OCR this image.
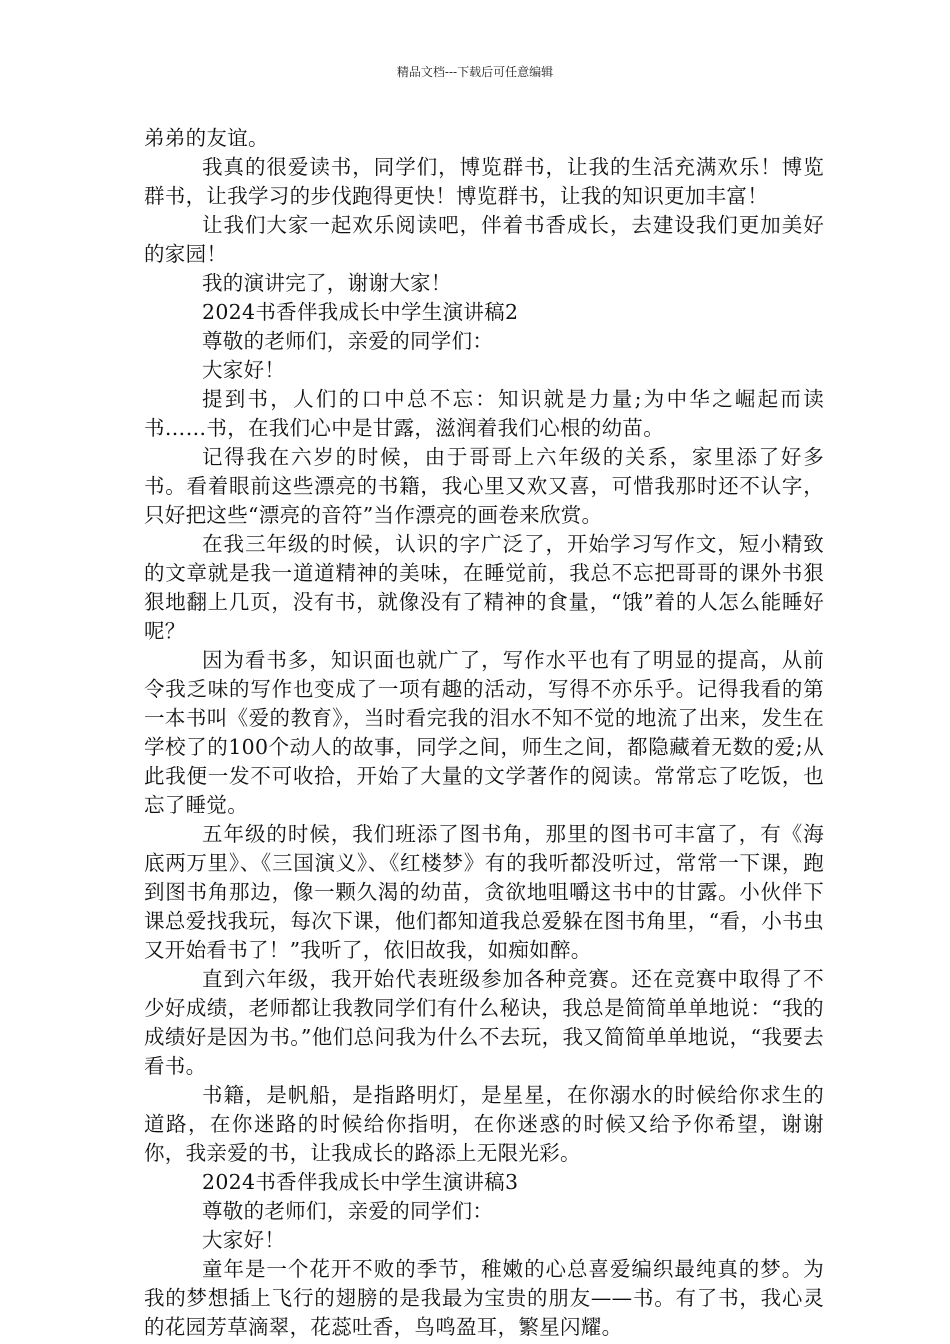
精品文档---下载后可任意编辑

弟弟的友谊。

我真的很爱读书，同学们，博览群书，让我的生活充满欢乐！博览群书，让我学习的步伐跑得更快！博览群书，让我的知识更加丰富！

让我们大家一起欢乐阅读吧，伴着书香成长，去建设我们更加美好的家园！

我的演讲完了，谢谢大家！

2024书香伴我成长中学生演讲稿2

尊敬的老师们，亲爱的同学们：

大家好！

提到书，人们的口中总不忘：知识就是力量;为中华之崛起而读书……书，在我们心中是甘露，滋润着我们心根的幼苗。

记得我在六岁的时候，由于哥哥上六年级的关系，家里添了好多书。看着眼前这些漂亮的书籍，我心里又欢又喜，可惜我那时还不认字，只好把这些“漂亮的音符”当作漂亮的画卷来欣赏。

在我三年级的时候，认识的字广泛了，开始学习写作文，短小精致的文章就是我一道道精神的美味，在睡觉前，我总不忘把哥哥的课外书狠狠地翻上几页，没有书，就像没有了精神的食量，“饿”着的人怎么能睡好呢？

因为看书多，知识面也就广了，写作水平也有了明显的提高，从前令我乏味的写作也变成了一项有趣的活动，写得不亦乐乎。记得我看的第一本书叫《爱的教育》，当时看完我的泪水不知不觉的地流了出来，发生在学校了的100个动人的故事，同学之间，师生之间，都隐藏着无数的爱;从此我便一发不可收拾，开始了大量的文学著作的阅读。常常忘了吃饭，也忘了睡觉。

五年级的时候，我们班添了图书角，那里的图书可丰富了，有《海底两万里》、《三国演义》、《红楼梦》有的我听都没听过，常常一下课，跑到图书角那边，像一颗久渴的幼苗，贪欲地咀嚼这书中的甘露。小伙伴下课总爱找我玩，每次下课，他们都知道我总爱躲在图书角里，“看，小书虫又开始看书了！”我听了，依旧故我，如痴如醉。

直到六年级，我开始代表班级参加各种竞赛。还在竞赛中取得了不少好成绩，老师都让我教同学们有什么秘诀，我总是简简单单地说：“我的成绩好是因为书。”他们总问我为什么不去玩，我又简简单单地说，“我要去看书。

书籍，是帆船，是指路明灯，是星星，在你溺水的时候给你求生的道路，在你迷路的时候给你指明，在你迷惑的时候又给予你希望，谢谢你，我亲爱的书，让我成长的路添上无限光彩。

2024书香伴我成长中学生演讲稿3

尊敬的老师们，亲爱的同学们：

大家好！

童年是一个花开不败的季节，稚嫩的心总喜爱编织最纯真的梦。为我的梦想插上飞行的翅膀的是我最为宝贵的朋友——书。有了书，我心灵的花园芳草滴翠，花蕊吐香，鸟鸣盈耳，繁星闪耀。
